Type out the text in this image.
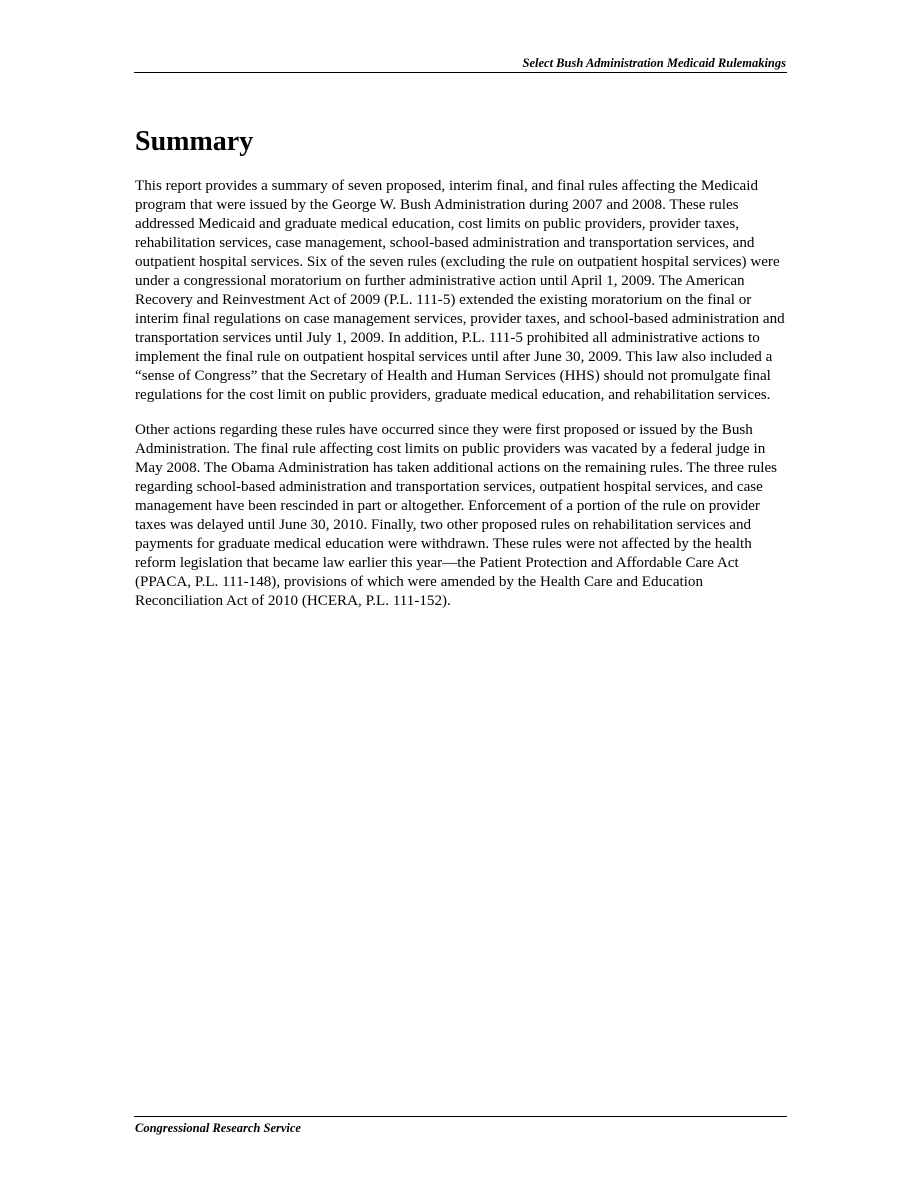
Select Bush Administration Medicaid Rulemakings
Summary

This report provides a summary of seven proposed, interim final, and final rules affecting the Medicaid program that were issued by the George W. Bush Administration during 2007 and 2008. These rules addressed Medicaid and graduate medical education, cost limits on public providers, provider taxes, rehabilitation services, case management, school-based administration and transportation services, and outpatient hospital services. Six of the seven rules (excluding the rule on outpatient hospital services) were under a congressional moratorium on further administrative action until April 1, 2009. The American Recovery and Reinvestment Act of 2009 (P.L. 111-5) extended the existing moratorium on the final or interim final regulations on case management services, provider taxes, and school-based administration and transportation services until July 1, 2009. In addition, P.L. 111-5 prohibited all administrative actions to implement the final rule on outpatient hospital services until after June 30, 2009. This law also included a “sense of Congress” that the Secretary of Health and Human Services (HHS) should not promulgate final regulations for the cost limit on public providers, graduate medical education, and rehabilitation services.

Other actions regarding these rules have occurred since they were first proposed or issued by the Bush Administration. The final rule affecting cost limits on public providers was vacated by a federal judge in May 2008. The Obama Administration has taken additional actions on the remaining rules. The three rules regarding school-based administration and transportation services, outpatient hospital services, and case management have been rescinded in part or altogether. Enforcement of a portion of the rule on provider taxes was delayed until June 30, 2010. Finally, two other proposed rules on rehabilitation services and payments for graduate medical education were withdrawn. These rules were not affected by the health reform legislation that became law earlier this year—the Patient Protection and Affordable Care Act (PPACA, P.L. 111-148), provisions of which were amended by the Health Care and Education Reconciliation Act of 2010 (HCERA, P.L. 111-152).

Congressional Research Service
